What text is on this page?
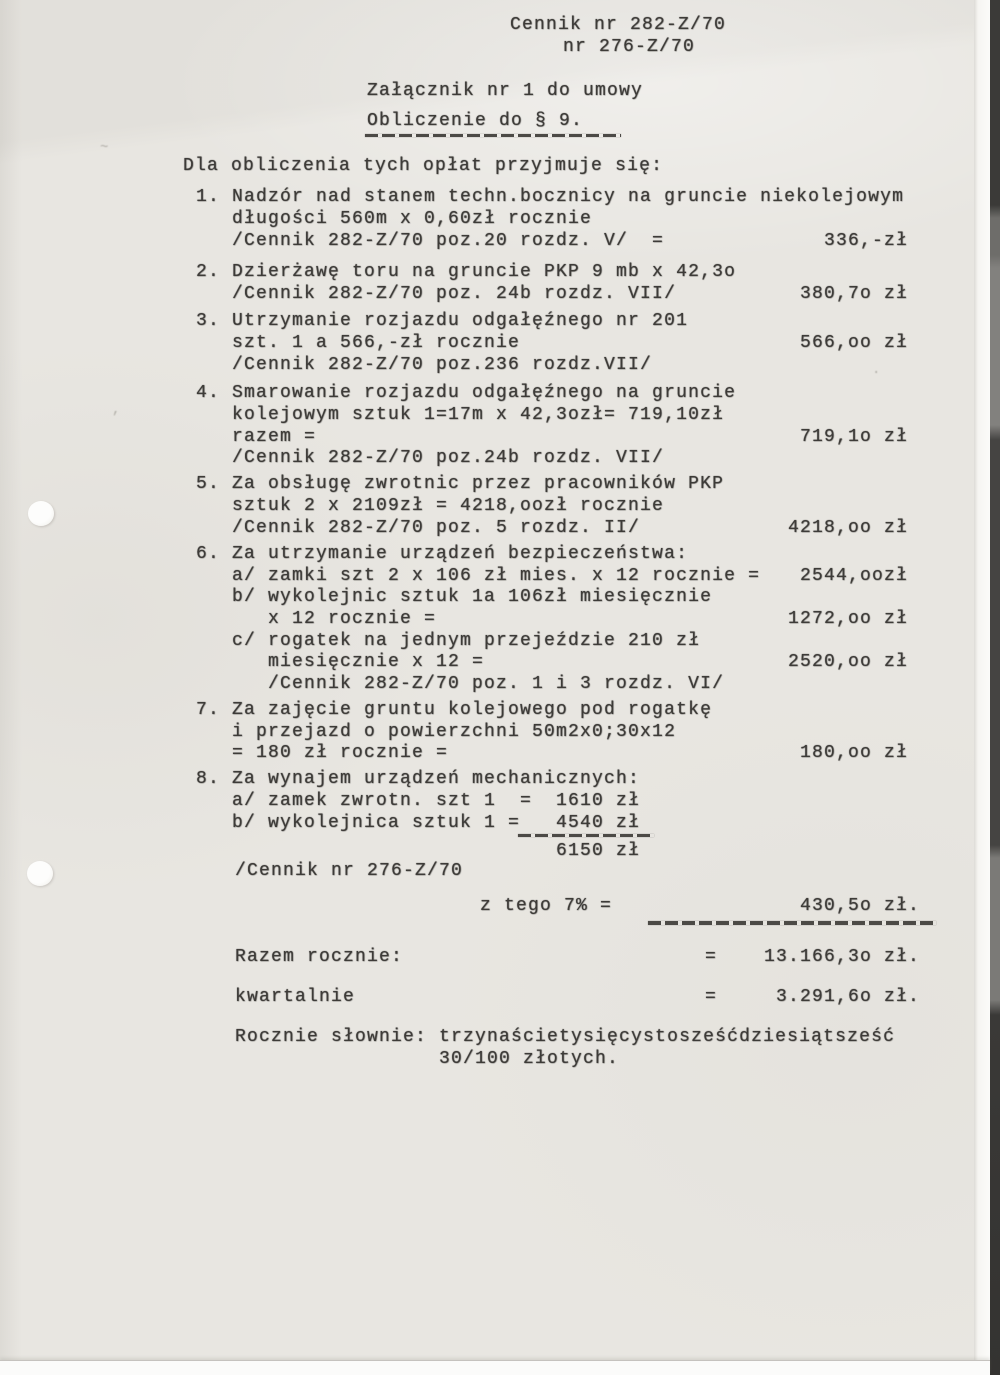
Cennik nr 282-Z/70
nr 276-Z/70
Załącznik nr 1 do umowy
Obliczenie do § 9.
Dla obliczenia tych opłat przyjmuje się:
1. Nadzór nad stanem techn.bocznicy na gruncie niekolejowym
długości 560m x 0,60zł rocznie
/Cennik 282-Z/70 poz.20 rozdz. V/  =	336,-zł
2. Dzierżawę toru na gruncie PKP 9 mb x 42,3o
/Cennik 282-Z/70 poz. 24b rozdz. VII/	380,7o zł
3. Utrzymanie rozjazdu odgałęźnego nr 201
szt. 1 a 566,-zł rocznie	566,oo zł
/Cennik 282-Z/70 poz.236 rozdz.VII/
4. Smarowanie rozjazdu odgałęźnego na gruncie
kolejowym sztuk 1=17m x 42,3ozł= 719,10zł
razem =	719,1o zł
/Cennik 282-Z/70 poz.24b rozdz. VII/
5. Za obsługę zwrotnic przez pracowników PKP
sztuk 2 x 2109zł = 4218,oozł rocznie
/Cennik 282-Z/70 poz. 5 rozdz. II/	4218,oo zł
6. Za utrzymanie urządzeń bezpieczeństwa:
a/ zamki szt 2 x 106 zł mies. x 12 rocznie = 2544,oozł
b/ wykolejnic sztuk 1a 106zł miesięcznie
x 12 rocznie =	1272,oo zł
c/ rogatek na jednym przejeździe 210 zł
miesięcznie x 12 =	2520,oo zł
/Cennik 282-Z/70 poz. 1 i 3 rozdz. VI/
7. Za zajęcie gruntu kolejowego pod rogatkę
i przejazd o powierzchni 50m2x0;30x12
= 180 zł rocznie =	180,oo zł
8. Za wynajem urządzeń mechanicznych:
a/ zamek zwrotn. szt 1  =  1610 zł
b/ wykolejnica sztuk 1 =   4540 zł
6150 zł
/Cennik nr 276-Z/70
z tego 7% =	430,5o zł.
Razem rocznie:	=	13.166,3o zł.
kwartalnie	=	3.291,6o zł.
Rocznie słownie: trzynaścietysięcystosześćdziesiątsześć
30/100 złotych.
.
,
~
